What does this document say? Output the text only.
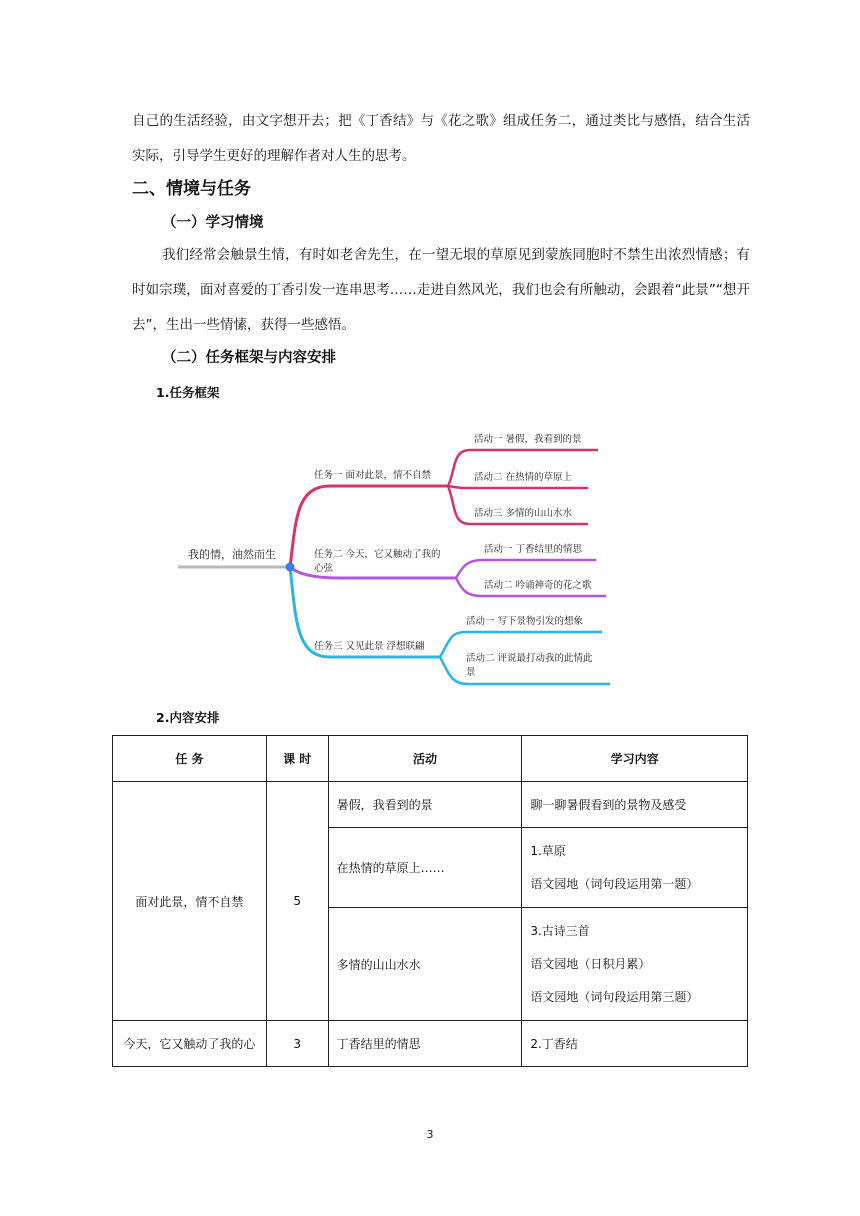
自己的生活经验，由文字想开去；把《丁香结》与《花之歌》组成任务二，通过类比与感悟，结合生活实际，引导学生更好的理解作者对人生的思考。
二、情境与任务
（一）学习情境
我们经常会触景生情，有时如老舍先生，在一望无垠的草原见到蒙族同胞时不禁生出浓烈情感；有时如宗璞，面对喜爱的丁香引发一连串思考……走进自然风光，我们也会有所触动，会跟着“此景”“想开去”，生出一些情愫，获得一些感悟。
（二）任务框架与内容安排
1.任务框架
我的情，油然而生
任务一 面对此景，情不自禁
活动一 暑假，我看到的景
活动二 在热情的草原上
活动三 多情的山山水水
任务二 今天，它又触动了我的
心弦
活动一 丁香结里的情思
活动二 吟诵神奇的花之歌
任务三 又见此景 浮想联翩
活动一 写下景物引发的想象
活动二 评说最打动我的此情此
景
2.内容安排
任 务	课 时	活动	学习内容
面对此景，情不自禁	5	暑假，我看到的景	聊一聊暑假看到的景物及感受
		在热情的草原上……	1.草原
语文园地（词句段运用第一题）

		多情的山山水水	3.古诗三首
语文园地（日积月累）
语文园地（词句段运用第三题）

今天，它又触动了我的心	3	丁香结里的情思	2.丁香结
3
